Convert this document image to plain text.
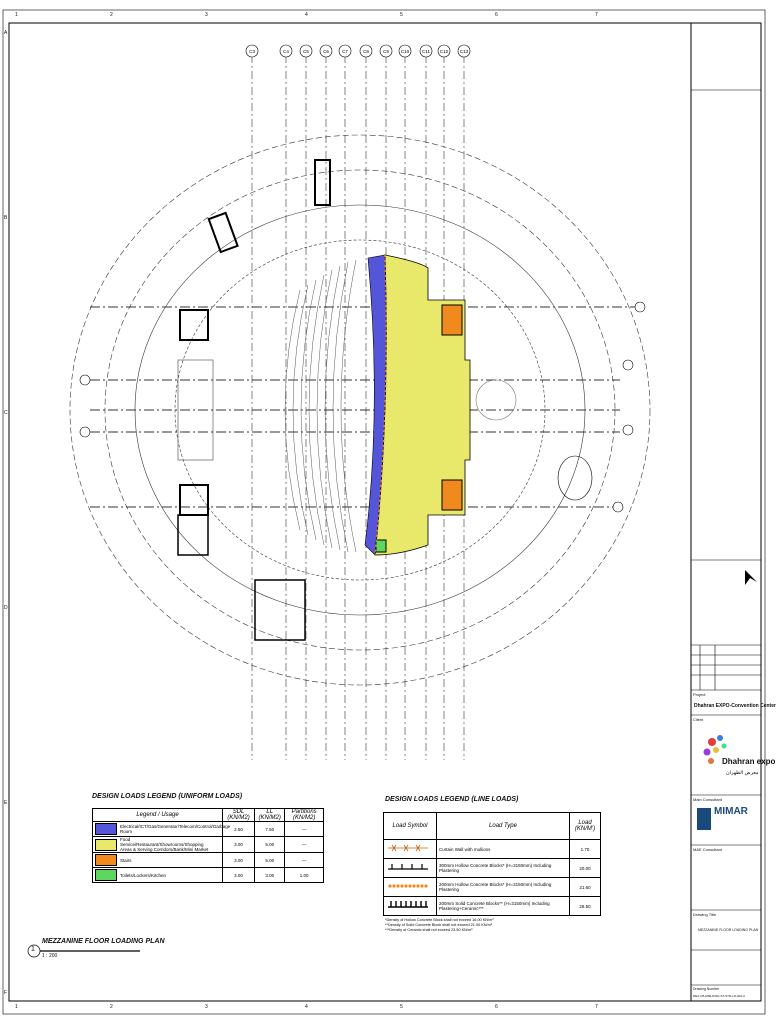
C3	C4	C5	C6	C7	C8	C9	C10	C11 C12	C13
1
1
2
2
3
3
4
4
5
5
6
6
7
7
A
B
C
D
E
F
DESIGN LOADS LEGEND (UNIFORM LOADS)
Legend / Usage	SDL (KN/M2)	LL (KN/M2)	Partitions (KN/M2)
Electrical/ICT/Gas/Generator/Telecom/Control/Garbage Room	2.50	7.50	—
Food Service/Restaurant/Showrooms/Shopping Areas & Serving Corridors/Bank/Mini Market	3.00	5.00	—
Stairs	3.00	5.00	—
Toilets/Lockers/Kitchen	3.00	3.00	1.00
DESIGN LOADS LEGEND (LINE LOADS)
Load Symbol	Load Type	Load (KN/M')
	Curtain Wall with mullions	1.70
	300mm Hollow Concrete Blocks* (H=3150mm) Including Plastering	20.00
	200mm Hollow Concrete Blocks* (H=3150mm) Including Plastering	21.60
	200mm Solid Concrete Blocks** (H=3150mm) Including Plastering+Ceramic***	26.50
*Density of Hollow Concrete Block shall not exceed 16.00 KN/m³
**Density of Solid Concrete Block shall not exceed 21.00 KN/m³
***Density of Ceramic shall not exceed 23.50 KN/m³
1
MEZZANINE FLOOR LOADING PLAN
1 : 200
Project
Dhahran EXPO-Convention Center
Client
Dhahran expo
معرض الظهران
Main Consultant
MIMAR
M&E Consultant
Drawing Title
MEZZANINE FLOOR LOADING PLAN
Drawing Number
DEX-CB-MIM-DWG-ST-STR-LD-002-A
